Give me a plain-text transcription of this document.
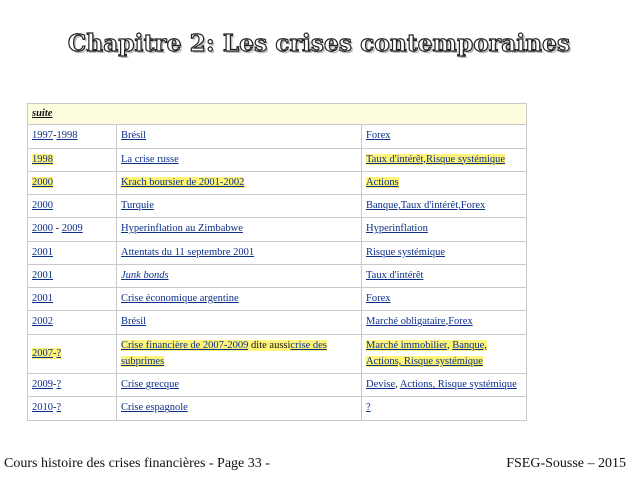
Chapitre 2: Les crises contemporaines
suite		
1997-1998	Brésil	Forex
1998	La crise russe	Taux d'intérêt,Risque systémique
2000	Krach boursier de 2001-2002	Actions
2000	Turquie	Banque,Taux d'intérêt,Forex
2000 - 2009	Hyperinflation au Zimbabwe	Hyperinflation
2001	Attentats du 11 septembre 2001	Risque systémique
2001	Junk bonds	Taux d'intérêt
2001	Crise économique argentine	Forex
2002	Brésil	Marché obligataire,Forex
2007-?	Crise financière de 2007-2009 dite aussicrise des subprimes	Marché immobilier, Banque, Actions, Risque systémique
2009-?	Crise grecque	Devise, Actions, Risque systémique
2010-?	Crise espagnole	?
Cours histoire des crises financières - Page 33 -	FSEG-Sousse – 2015
